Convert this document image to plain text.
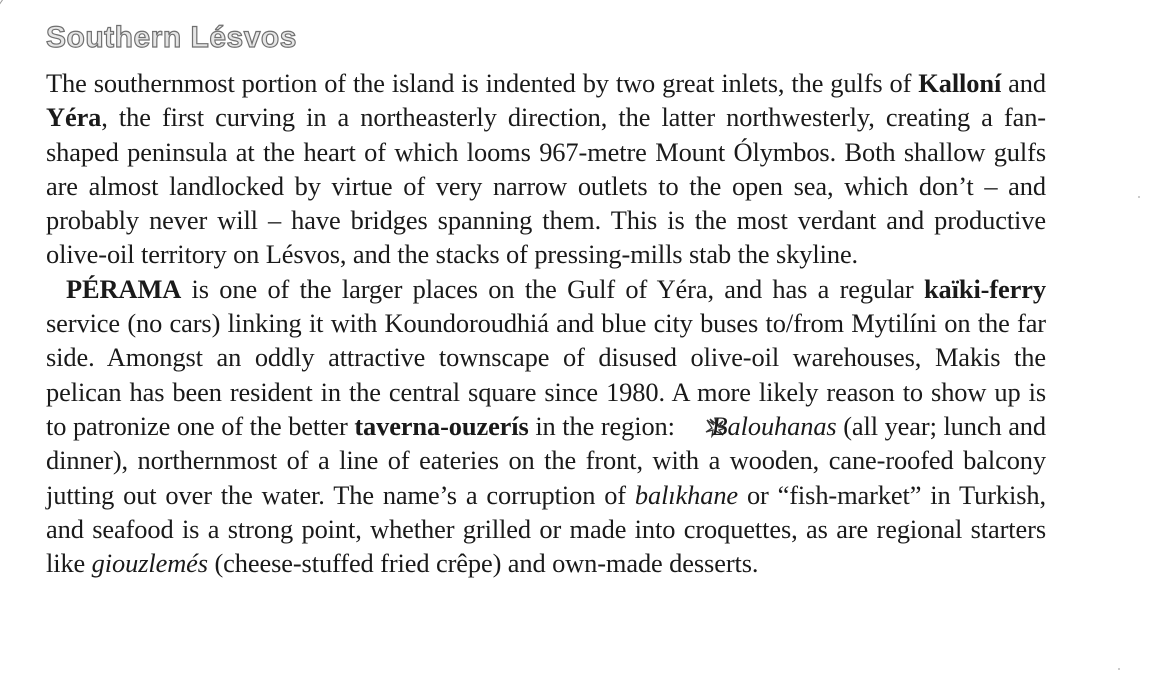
Southern Lésvos

The southernmost portion of the island is indented by two great inlets, the gulfs of Kalloní and Yéra, the first curving in a northeasterly direction, the latter northwesterly, creating a fan-shaped peninsula at the heart of which looms 967-metre Mount Ólymbos. Both shallow gulfs are almost landlocked by virtue of very narrow outlets to the open sea, which don’t – and probably never will – have bridges spanning them. This is the most verdant and productive olive-oil territory on Lésvos, and the stacks of pressing-mills stab the skyline.

PÉRAMA is one of the larger places on the Gulf of Yéra, and has a regular kaïki-ferry service (no cars) linking it with Koundoroudhiá and blue city buses to/from Mytilíni on the far side. Amongst an oddly attractive townscape of disused olive-oil warehouses, Makis the pelican has been resident in the central square since 1980. A more likely reason to show up is to patronize one of the better taverna-ouzerís in the region: Balouhanas (all year; lunch and dinner), northernmost of a line of eateries on the front, with a wooden, cane-roofed balcony jutting out over the water. The name’s a corruption of balıkhane or “fish-market” in Turkish, and seafood is a strong point, whether grilled or made into croquettes, as are regional starters like giouzlemés (cheese-stuffed fried crêpe) and own-made desserts.
